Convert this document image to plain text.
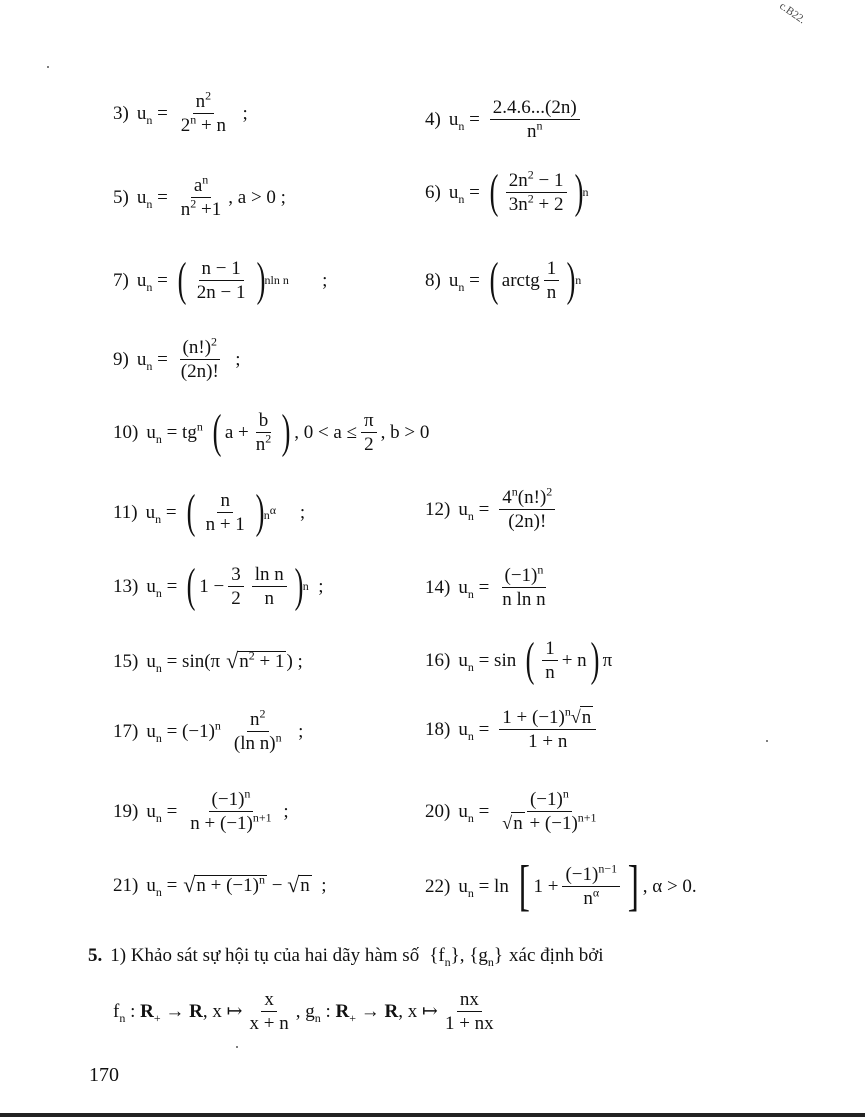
c.B22.
3) $u_n = \frac{n^2}{2^n + n}$ ;	4) $u_n = \frac{2.4.6...(2n)}{n^n}$
5) $u_n = \frac{a^n}{n^2 +1}$ , a > 0 ;	6) $u_n$ = ( $\frac{2n^2 - 1}{3n^2 + 2}$ ) n
7) $u_n$ = ( $\frac{n - 1}{2n - 1}$ ) nln n ;	8) $u_n$ = ( arctg $\frac{1}{n}$ ) n
9) $u_n = \frac{(n!)^2}{(2n)!}$ ;
10) $u_n = tg^n$ ( $a + \frac{b}{n^2}$ ) , $0 < a \le \frac{\pi}{2}$ , b > 0
11) $u_n$ = ( $\frac{n}{n + 1}$ ) $n^\alpha$ ;	12) $u_n = \frac{4^n(n!)^2}{(2n)!}$
13) $u_n$ = ( $1 - \frac{3}{2} \frac{\text{ln n}}{n}$ ) n ;	14) $u_n = \frac{(-1)^n}{\text{n ln n}}$
15) $u_n = \sin(\pi$ √ $n^2 + 1$ ) ;	16) $u_n = \sin$ ( $\frac{1}{n} + n$ ) π
17) $u_n = (-1)^n \frac{n^2}{(\ln n)^n}$ ;	18) $u_n = \frac{1 + (-1)^n√n}{1 + n}$
19) $u_n = \frac{(-1)^n}{n + (-1)^{n+1}}$ ;	20) $u_n = \frac{(-1)^n}{√n + (-1)^{n+1}}$
21) $u_n$ = √ $n + (-1)^n$ − √ n ;	22) $u_n = \ln$ [ $1 + \frac{(-1)^{n-1}}{n^\alpha}$ ] , α > 0.
5. 1) Khảo sát sự hội tụ của hai dãy hàm số $\{f_n\}$, $\{g_n\}$ xác định bởi
$f_n$ : $R_+ \to R$, x ↦ $\frac{x}{x + n}$ , $g_n$ : $R_+ \to R$, x ↦ $\frac{nx}{1 + nx}$
170
